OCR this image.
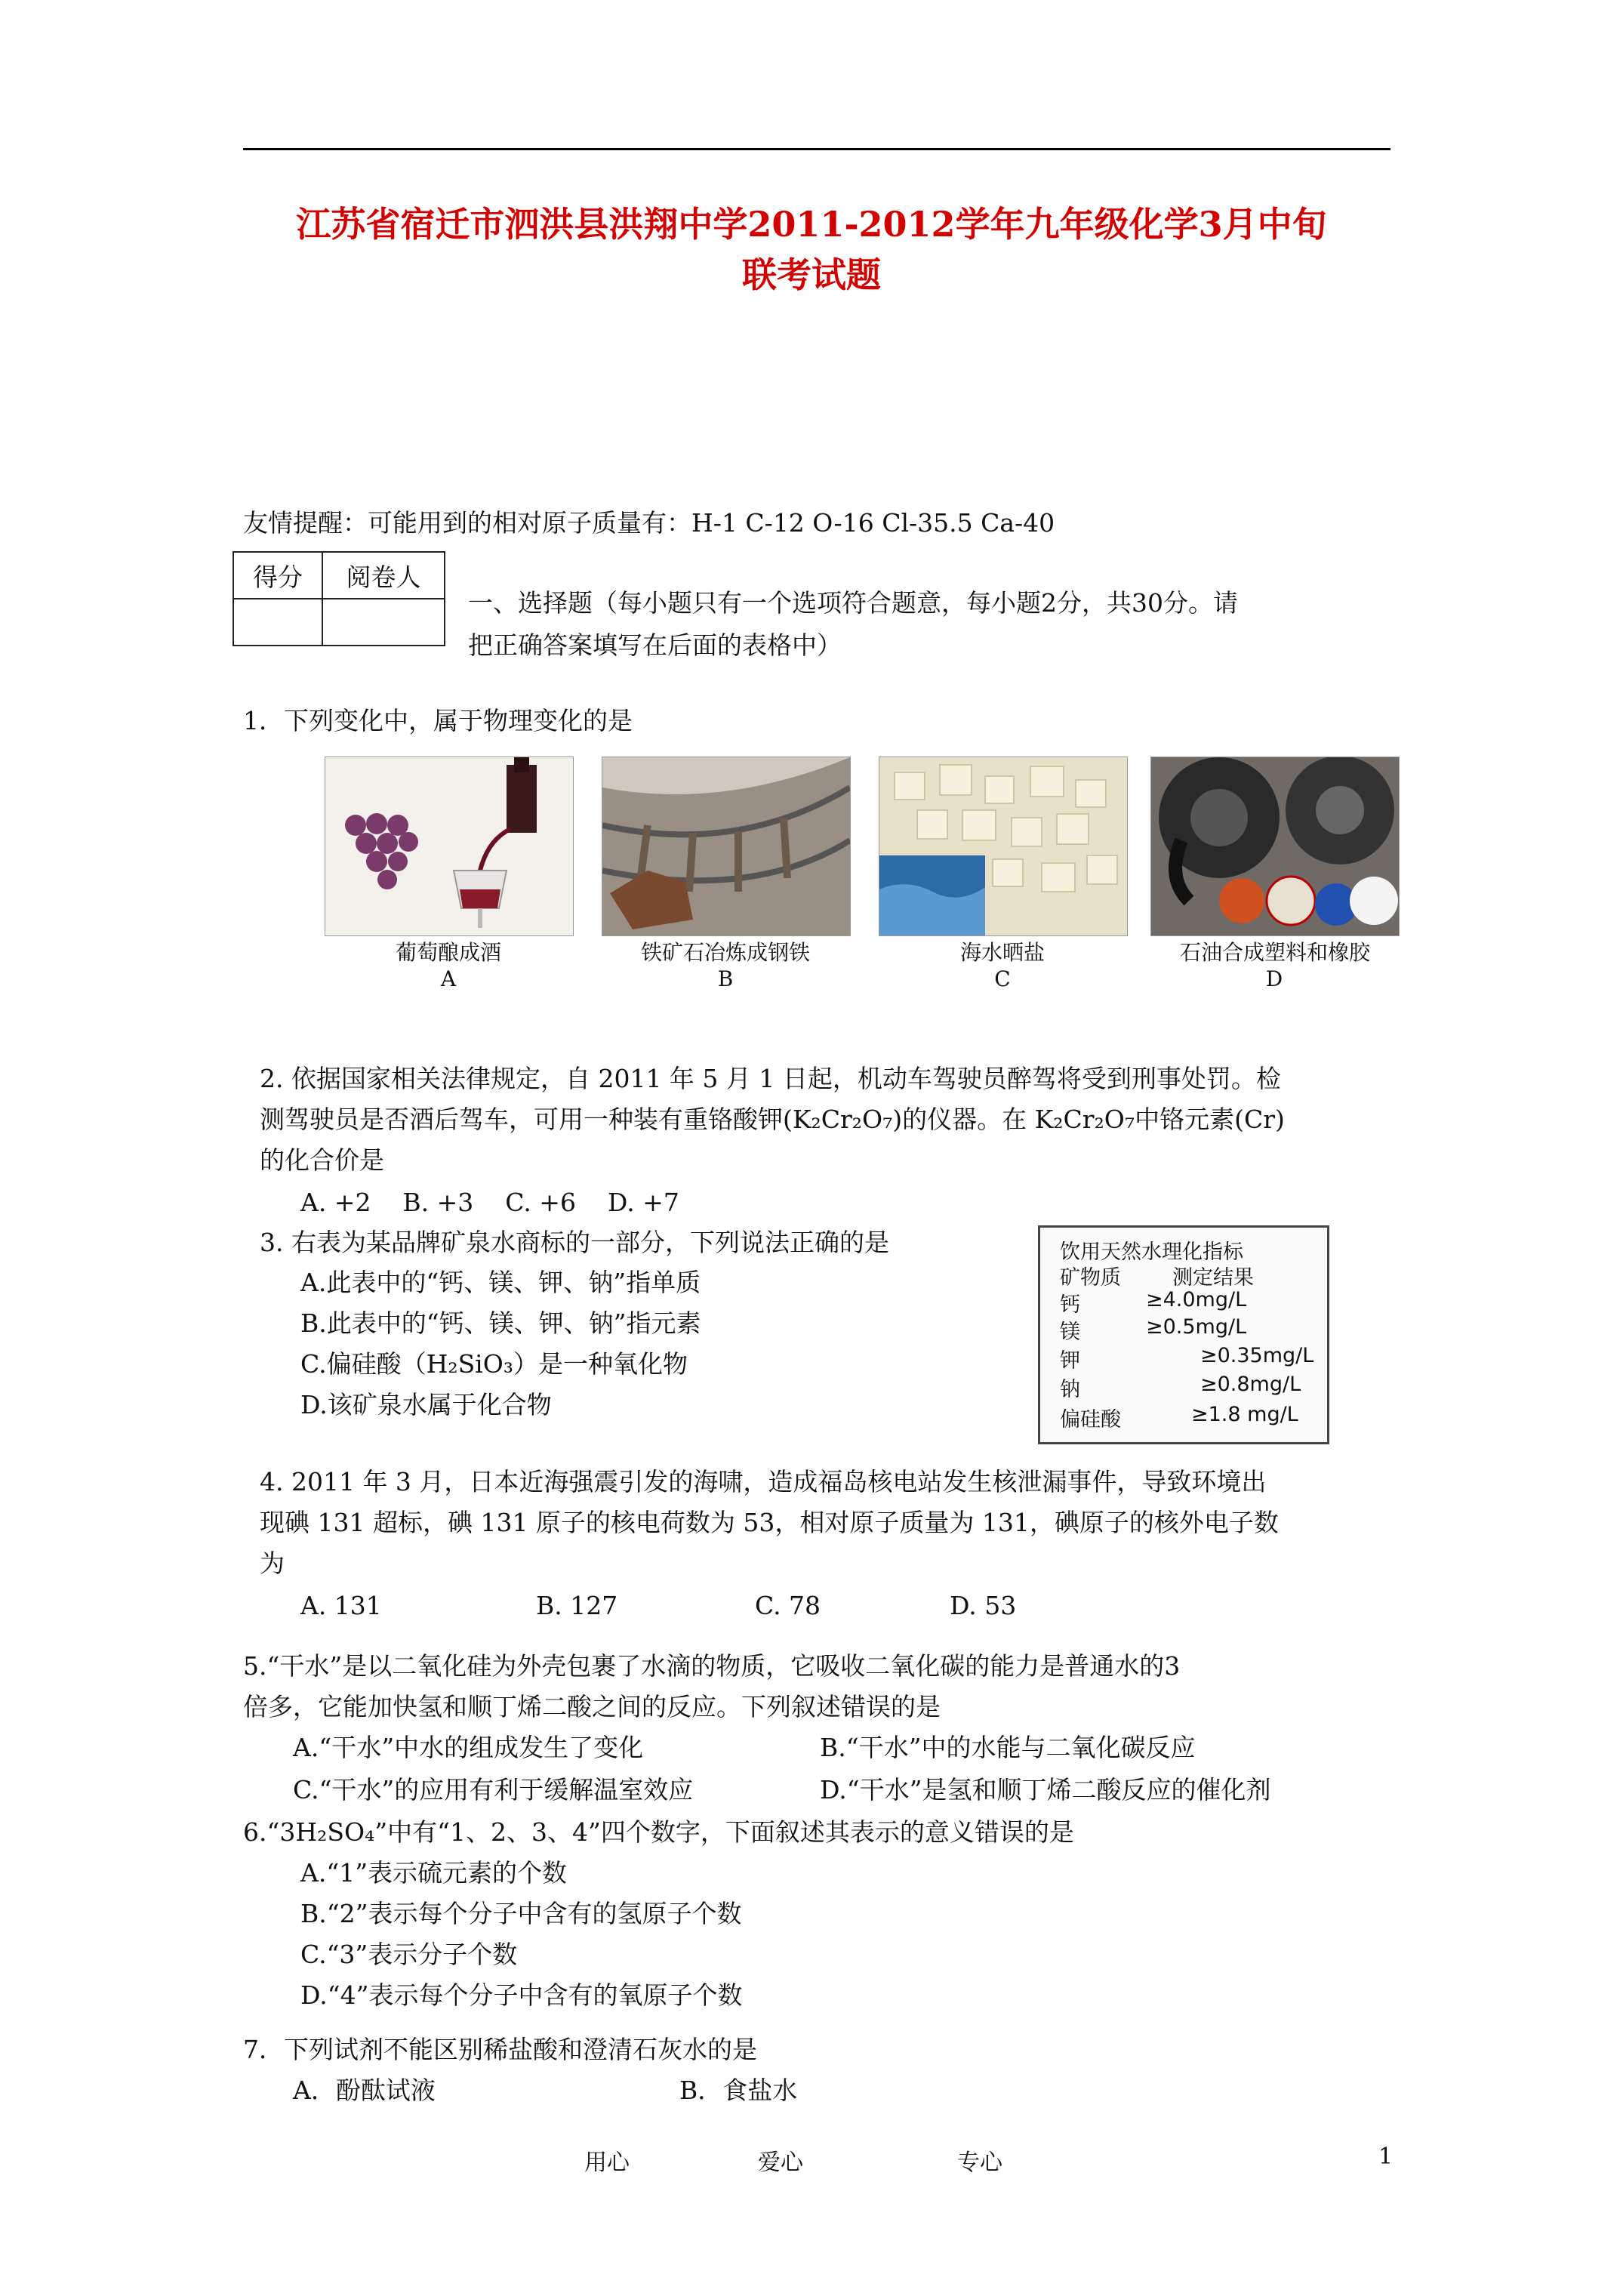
江苏省宿迁市泗洪县洪翔中学2011-2012学年九年级化学3月中旬
联考试题
友情提醒：可能用到的相对原子质量有：H-1 C-12 O-16 Cl-35.5 Ca-40
得分	阅卷人

一、选择题（每小题只有一个选项符合题意，每小题2分，共30分。请
把正确答案填写在后面的表格中）
1．下列变化中，属于物理变化的是
葡萄酿成酒	铁矿石冶炼成钢铁	海水晒盐	石油合成塑料和橡胶
A	B	C	D
2. 依据国家相关法律规定，自 2011 年 5 月 1 日起，机动车驾驶员醉驾将受到刑事处罚。检
测驾驶员是否酒后驾车，可用一种装有重铬酸钾(K₂Cr₂O₇)的仪器。在 K₂Cr₂O₇中铬元素(Cr)
的化合价是
A. +2    B. +3    C. +6    D. +7
3. 右表为某品牌矿泉水商标的一部分，下列说法正确的是
A.此表中的“钙、镁、钾、钠”指单质
B.此表中的“钙、镁、钾、钠”指元素
C.偏硅酸（H₂SiO₃）是一种氧化物
D.该矿泉水属于化合物
饮用天然水理化指标
矿物质	测定结果
钙	≥4.0mg/L
镁	≥0.5mg/L
钾	≥0.35mg/L
钠	≥0.8mg/L
偏硅酸	≥1.8 mg/L
4. 2011 年 3 月，日本近海强震引发的海啸，造成福岛核电站发生核泄漏事件，导致环境出
现碘 131 超标，碘 131 原子的核电荷数为 53，相对原子质量为 131，碘原子的核外电子数
为
A. 131	B. 127	C. 78	D. 53
5.“干水”是以二氧化硅为外壳包裹了水滴的物质，它吸收二氧化碳的能力是普通水的3
倍多，它能加快氢和顺丁烯二酸之间的反应。下列叙述错误的是
A.“干水”中水的组成发生了变化	B.“干水”中的水能与二氧化碳反应
C.“干水”的应用有利于缓解温室效应	D.“干水”是氢和顺丁烯二酸反应的催化剂
6.“3H₂SO₄”中有“1、2、3、4”四个数字，下面叙述其表示的意义错误的是
A.“1”表示硫元素的个数
B.“2”表示每个分子中含有的氢原子个数
C.“3”表示分子个数
D.“4”表示每个分子中含有的氧原子个数
7．下列试剂不能区别稀盐酸和澄清石灰水的是
A．酚酞试液	B．食盐水
用心	爱心	专心	1
